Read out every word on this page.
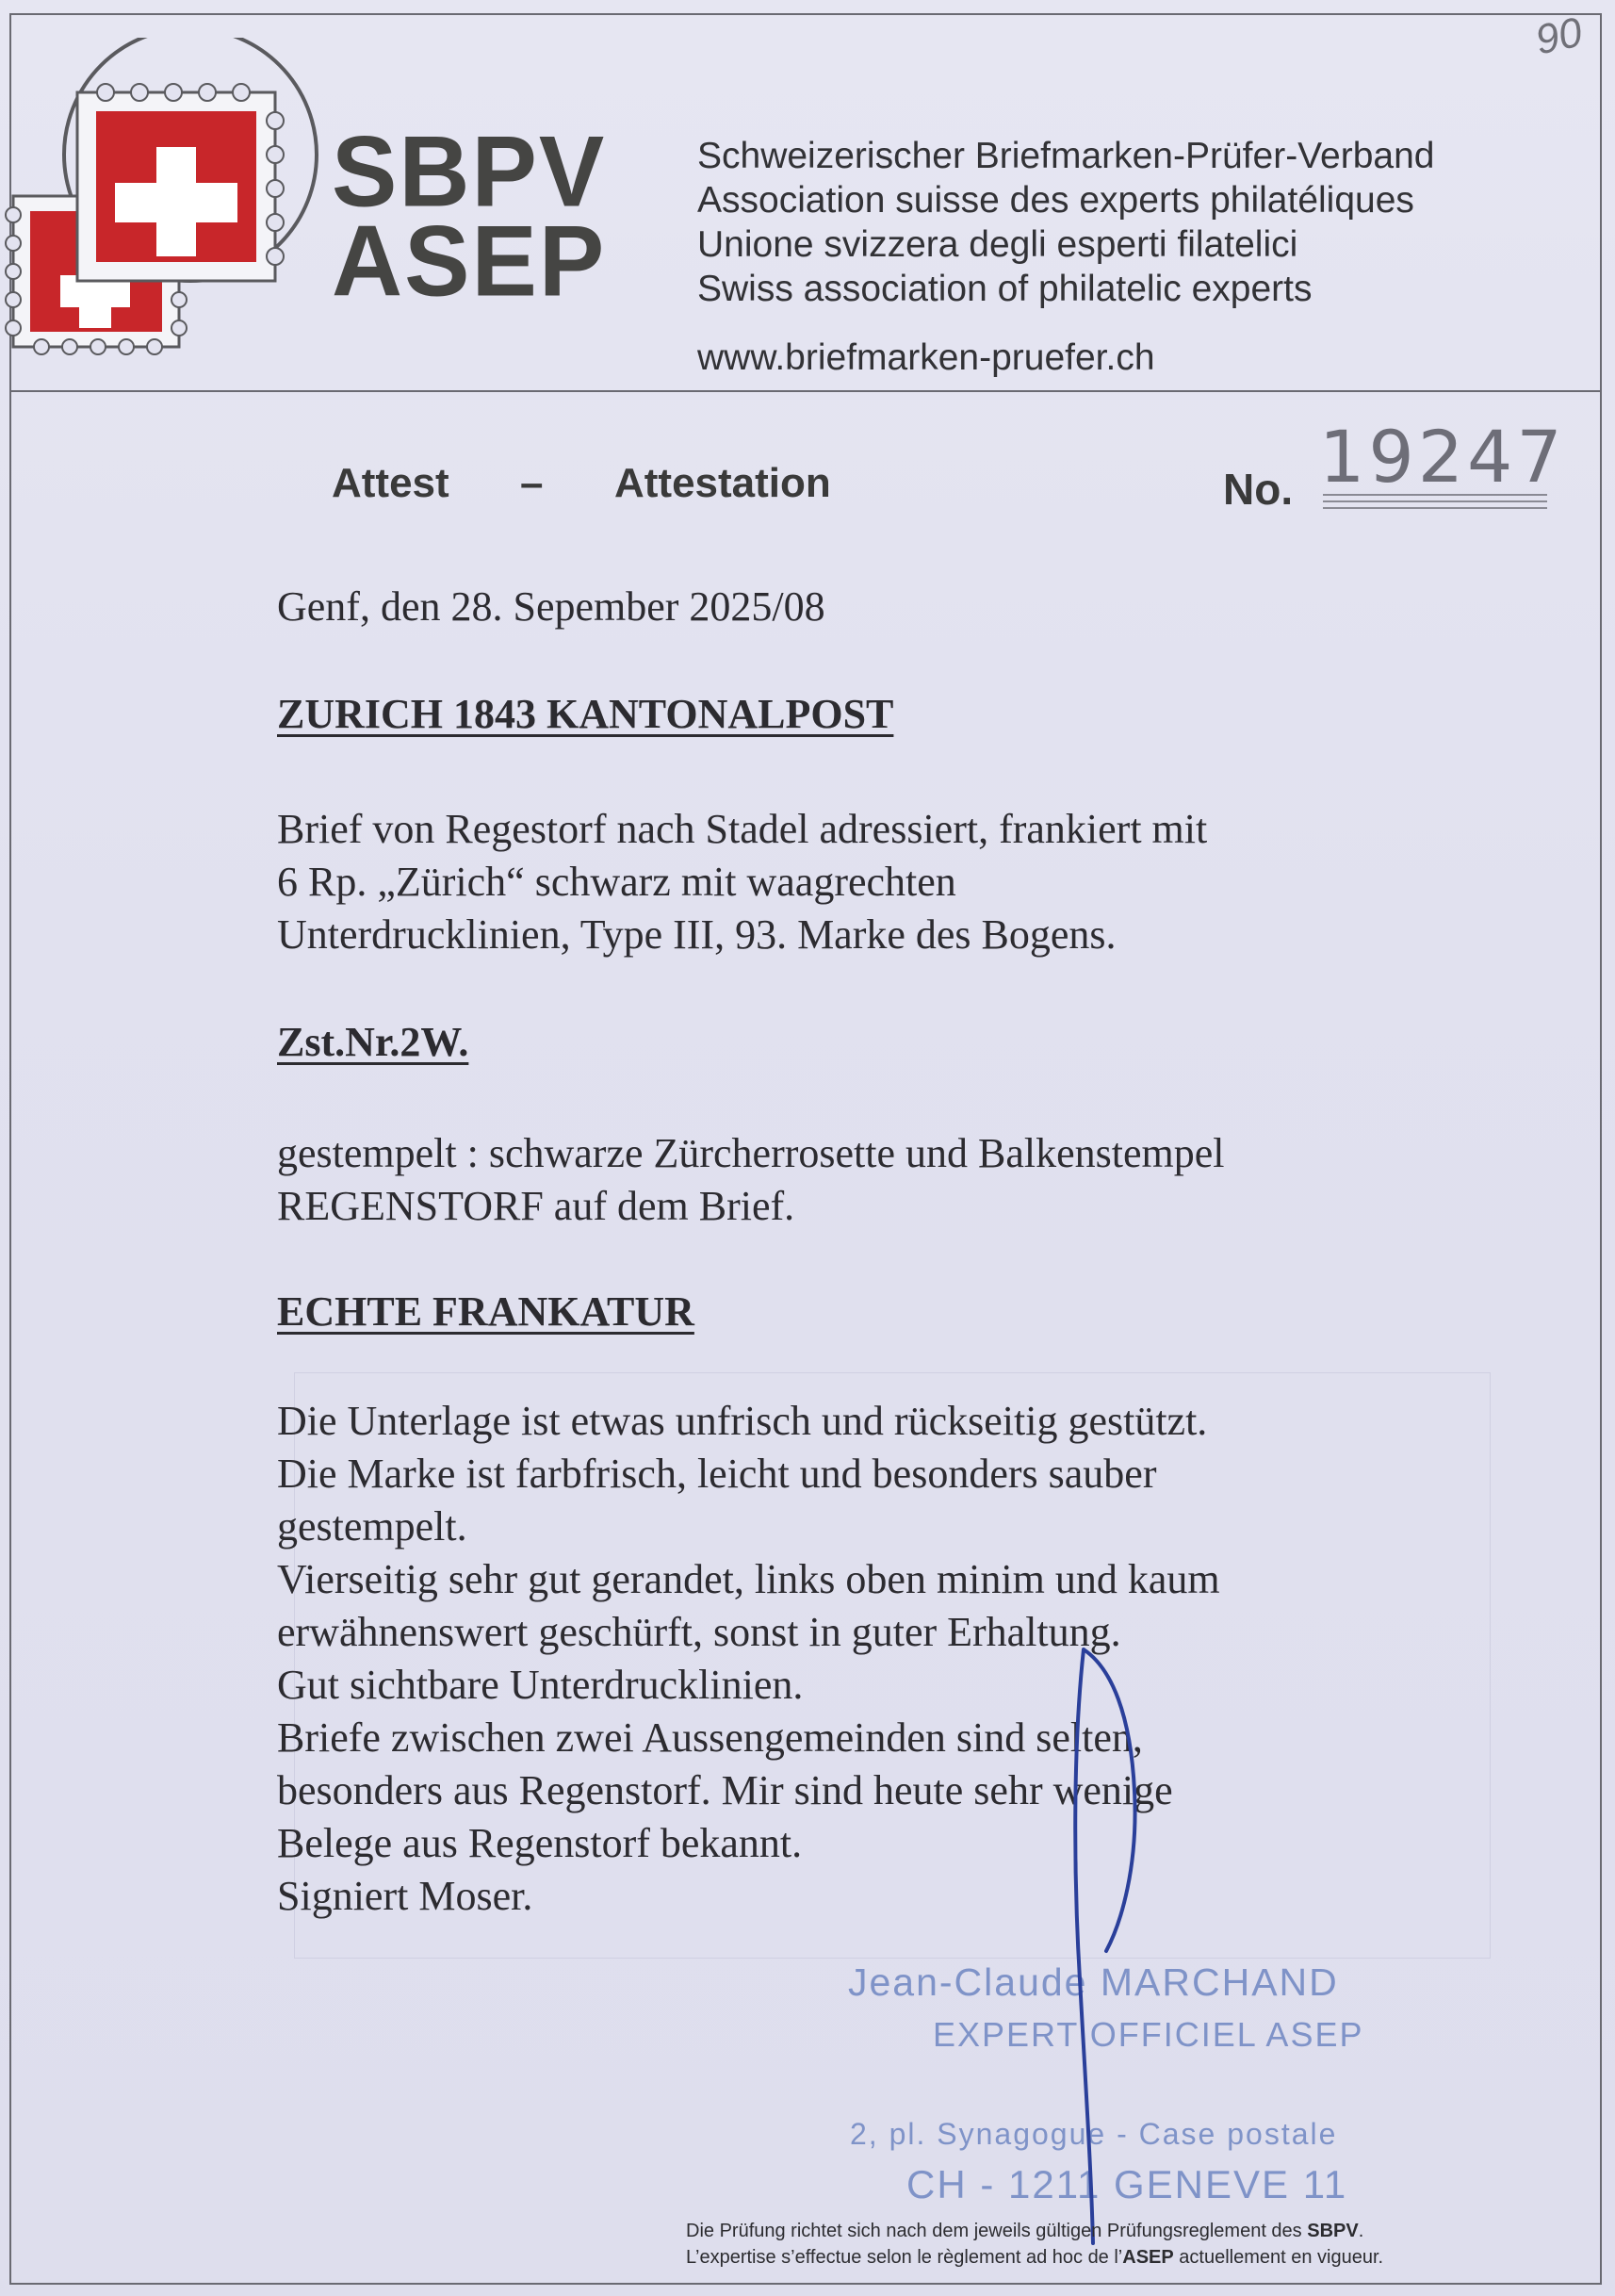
SBPV
ASEP
Schweizerischer Briefmarken-Prüfer-Verband
Association suisse des experts philatéliques
Unione svizzera degli esperti filatelici
Swiss association of philatelic experts
www.briefmarken-pruefer.ch
90
Attest – Attestation	No. 19247
Genf, den 28. Sepember 2025/08
ZURICH 1843 KANTONALPOST
Brief von Regestorf nach Stadel adressiert, frankiert mit
6 Rp. „Zürich“ schwarz mit waagrechten
Unterdrucklinien, Type III, 93. Marke des Bogens.
Zst.Nr.2W.
gestempelt : schwarze Zürcherrosette und Balkenstempel
REGENSTORF auf dem Brief.
ECHTE FRANKATUR
Die Unterlage ist etwas unfrisch und rückseitig gestützt.
Die Marke ist farbfrisch, leicht und besonders sauber
gestempelt.
Vierseitig sehr gut gerandet, links oben minim und kaum
erwähnenswert geschürft, sonst in guter Erhaltung.
Gut sichtbare Unterdrucklinien.
Briefe zwischen zwei Aussengemeinden sind selten,
besonders aus Regenstorf. Mir sind heute sehr wenige
Belege aus Regenstorf bekannt.
Signiert Moser.
Jean-Claude MARCHAND
EXPERT OFFICIEL ASEP
2, pl. Synagogue - Case postale
CH - 1211 GENEVE 11
Die Prüfung richtet sich nach dem jeweils gültigen Prüfungsreglement des SBPV.
L’expertise s’effectue selon le règlement ad hoc de l’ASEP actuellement en vigueur.
